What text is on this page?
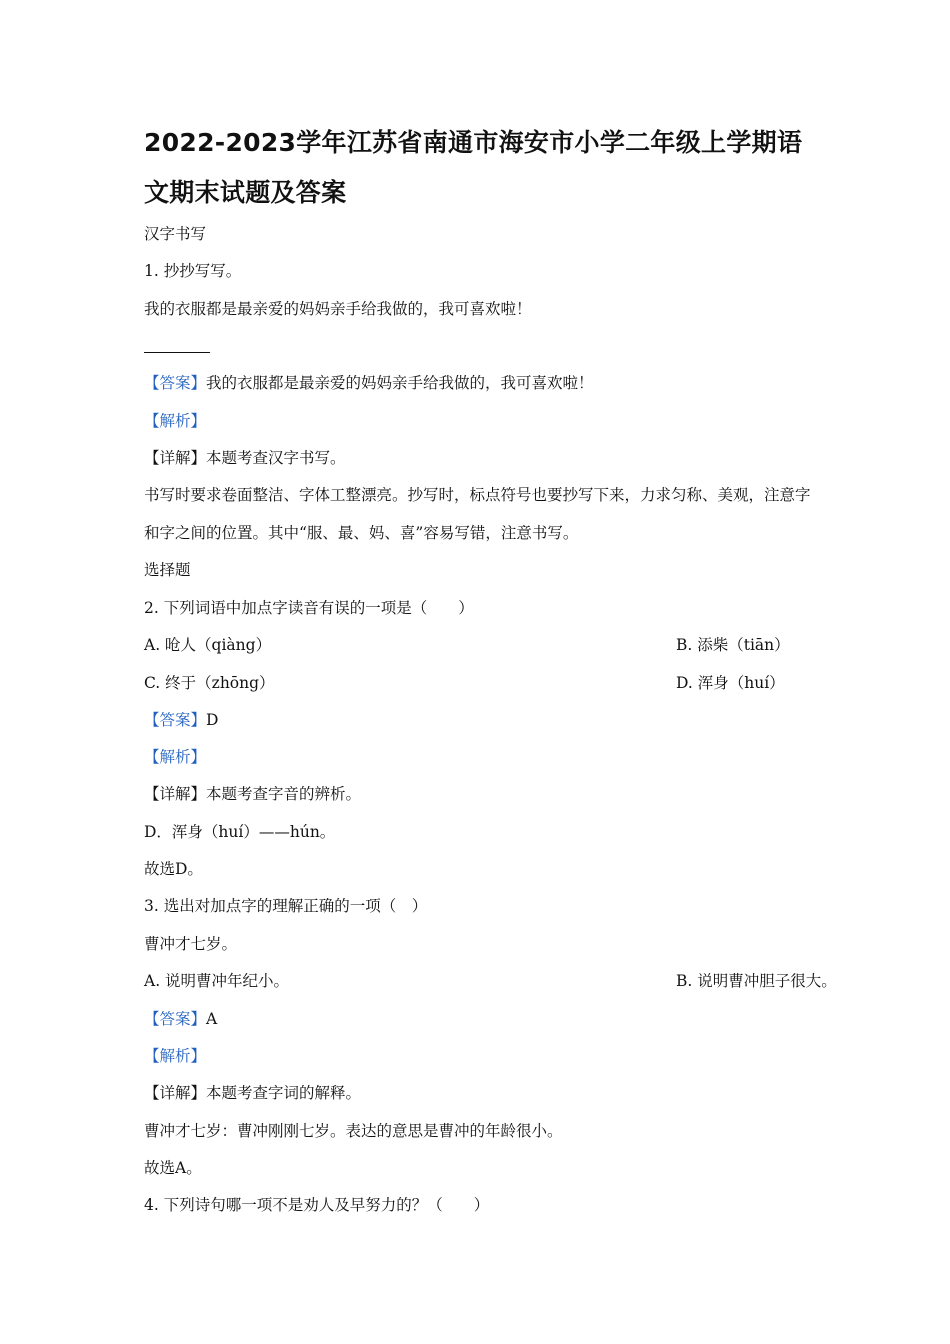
2022-2023学年江苏省南通市海安市小学二年级上学期语文期末试题及答案
汉字书写
1. 抄抄写写。
我的衣服都是最亲爱的妈妈亲手给我做的，我可喜欢啦！
【答案】我的衣服都是最亲爱的妈妈亲手给我做的，我可喜欢啦！
【解析】
【详解】本题考查汉字书写。
书写时要求卷面整洁、字体工整漂亮。抄写时，标点符号也要抄写下来，力求匀称、美观，注意字和字之间的位置。其中“服、最、妈、喜”容易写错，注意书写。
选择题
2. 下列词语中加点字读音有误的一项是（　　）
A. 呛人（qiàng）	B. 添柴（tiān）
C. 终于（zhōng）	D. 浑身（huí）
【答案】D
【解析】
【详解】本题考查字音的辨析。
D．浑身（huí）——hún。
故选D。
3. 选出对加点字的理解正确的一项（　）
曹冲才七岁。
A. 说明曹冲年纪小。	B. 说明曹冲胆子很大。
【答案】A
【解析】
【详解】本题考查字词的解释。
曹冲才七岁：曹冲刚刚七岁。表达的意思是曹冲的年龄很小。
故选A。
4. 下列诗句哪一项不是劝人及早努力的？（　　）
